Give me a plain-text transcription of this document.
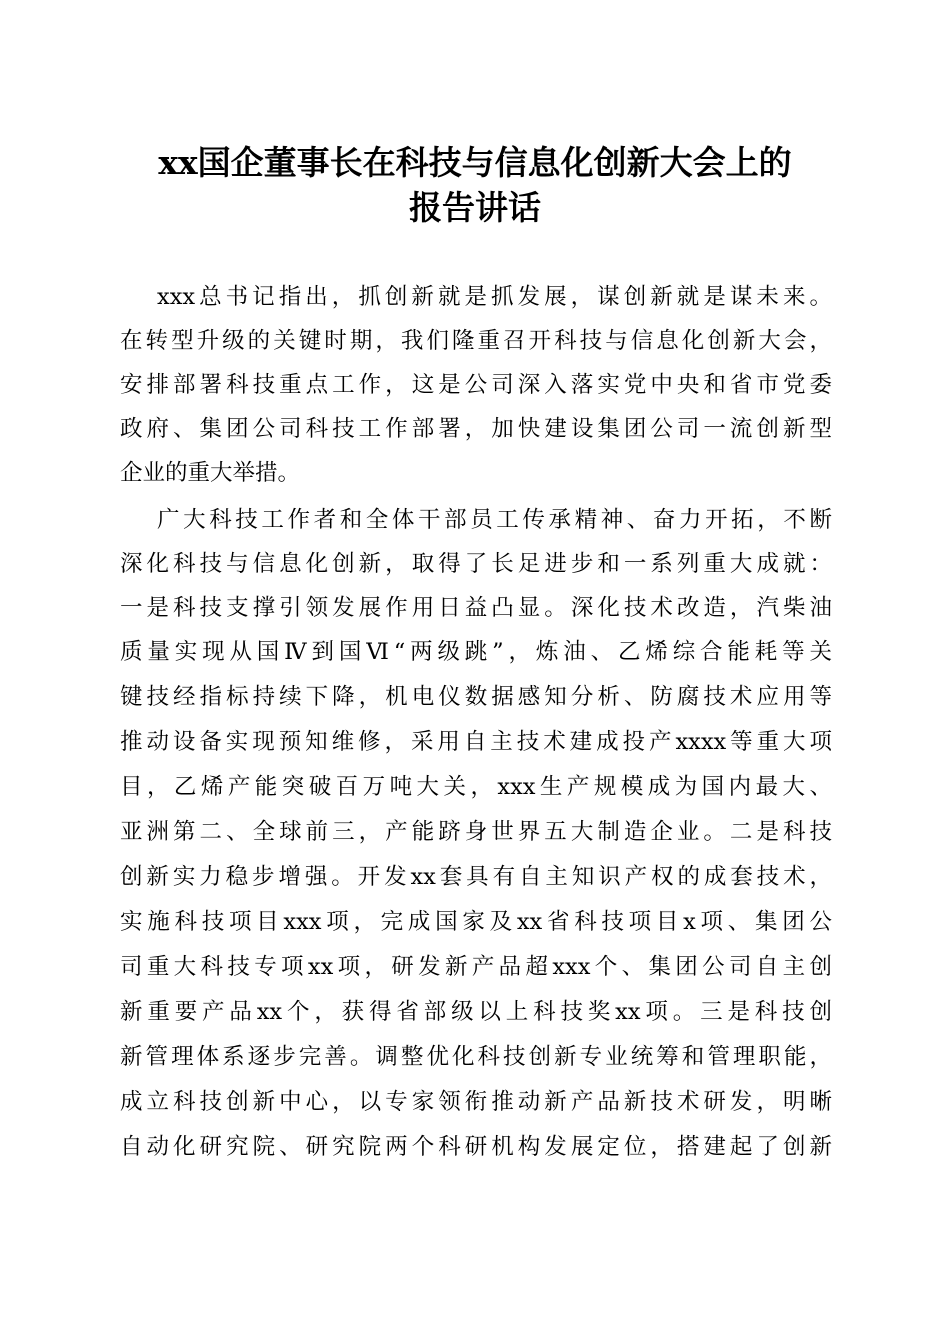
xx国企董事长在科技与信息化创新大会上的
报告讲话
xxx总书记指出，抓创新就是抓发展，谋创新就是谋未来。
在转型升级的关键时期，我们隆重召开科技与信息化创新大会，
安排部署科技重点工作，这是公司深入落实党中央和省市党委
政府、集团公司科技工作部署，加快建设集团公司一流创新型
企业的重大举措。
广大科技工作者和全体干部员工传承精神、奋力开拓，不断
深化科技与信息化创新，取得了长足进步和一系列重大成就：
一是科技支撑引领发展作用日益凸显。深化技术改造，汽柴油
质量实现从国Ⅳ到国Ⅵ“两级跳”，炼油、乙烯综合能耗等关
键技经指标持续下降，机电仪数据感知分析、防腐技术应用等
推动设备实现预知维修，采用自主技术建成投产xxxx等重大项
目，乙烯产能突破百万吨大关，xxx生产规模成为国内最大、
亚洲第二、全球前三，产能跻身世界五大制造企业。二是科技
创新实力稳步增强。开发xx套具有自主知识产权的成套技术，
实施科技项目xxx项，完成国家及xx省科技项目x项、集团公
司重大科技专项xx项，研发新产品超xxx个、集团公司自主创
新重要产品xx个，获得省部级以上科技奖xx项。三是科技创
新管理体系逐步完善。调整优化科技创新专业统筹和管理职能，
成立科技创新中心，以专家领衔推动新产品新技术研发，明晰
自动化研究院、研究院两个科研机构发展定位，搭建起了创新
